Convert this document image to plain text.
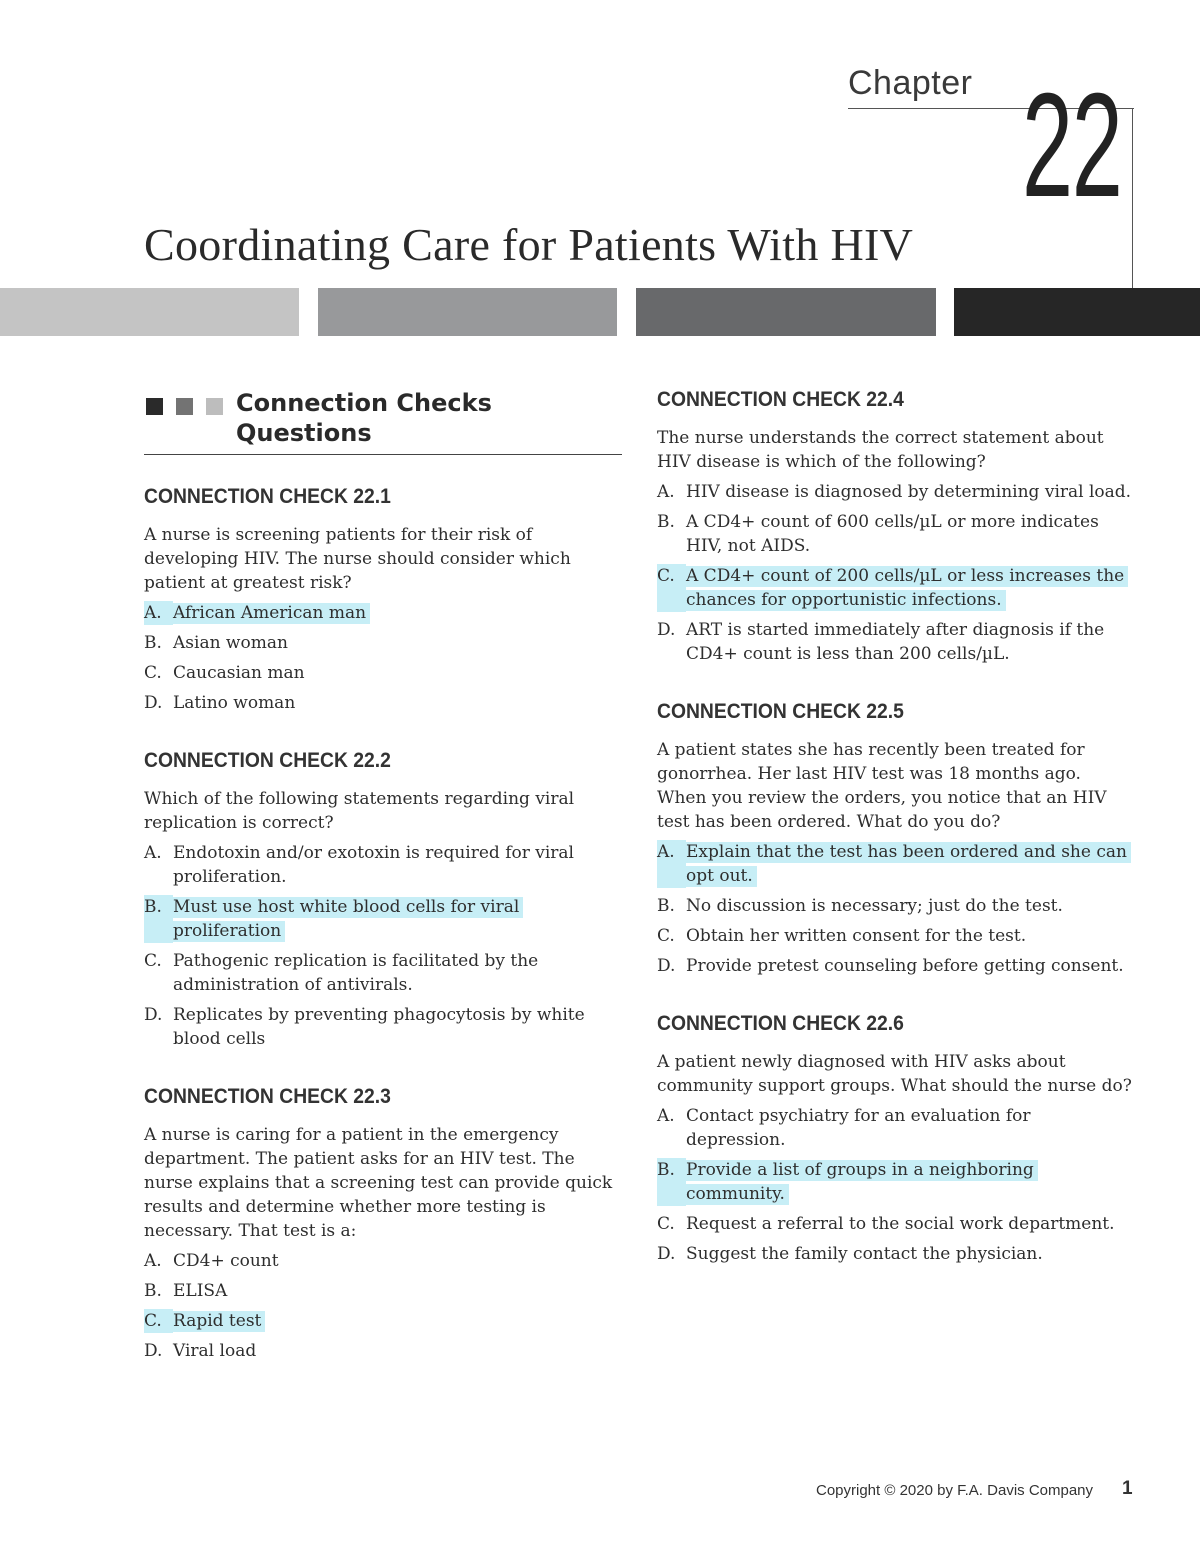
Chapter 22
Coordinating Care for Patients With HIV
Connection Checks Questions
CONNECTION CHECK 22.1
A nurse is screening patients for their risk of developing HIV. The nurse should consider which patient at greatest risk?
A. African American man
B. Asian woman
C. Caucasian man
D. Latino woman
CONNECTION CHECK 22.2
Which of the following statements regarding viral replication is correct?
A. Endotoxin and/or exotoxin is required for viral proliferation.
B. Must use host white blood cells for viral proliferation
C. Pathogenic replication is facilitated by the administration of antivirals.
D. Replicates by preventing phagocytosis by white blood cells
CONNECTION CHECK 22.3
A nurse is caring for a patient in the emergency department. The patient asks for an HIV test. The nurse explains that a screening test can provide quick results and determine whether more testing is necessary. That test is a:
A. CD4+ count
B. ELISA
C. Rapid test
D. Viral load
CONNECTION CHECK 22.4
The nurse understands the correct statement about HIV disease is which of the following?
A. HIV disease is diagnosed by determining viral load.
B. A CD4+ count of 600 cells/µL or more indicates HIV, not AIDS.
C. A CD4+ count of 200 cells/µL or less increases the chances for opportunistic infections.
D. ART is started immediately after diagnosis if the CD4+ count is less than 200 cells/µL.
CONNECTION CHECK 22.5
A patient states she has recently been treated for gonorrhea. Her last HIV test was 18 months ago. When you review the orders, you notice that an HIV test has been ordered. What do you do?
A. Explain that the test has been ordered and she can opt out.
B. No discussion is necessary; just do the test.
C. Obtain her written consent for the test.
D. Provide pretest counseling before getting consent.
CONNECTION CHECK 22.6
A patient newly diagnosed with HIV asks about community support groups. What should the nurse do?
A. Contact psychiatry for an evaluation for depression.
B. Provide a list of groups in a neighboring community.
C. Request a referral to the social work department.
D. Suggest the family contact the physician.
Copyright © 2020 by F.A. Davis Company 1
